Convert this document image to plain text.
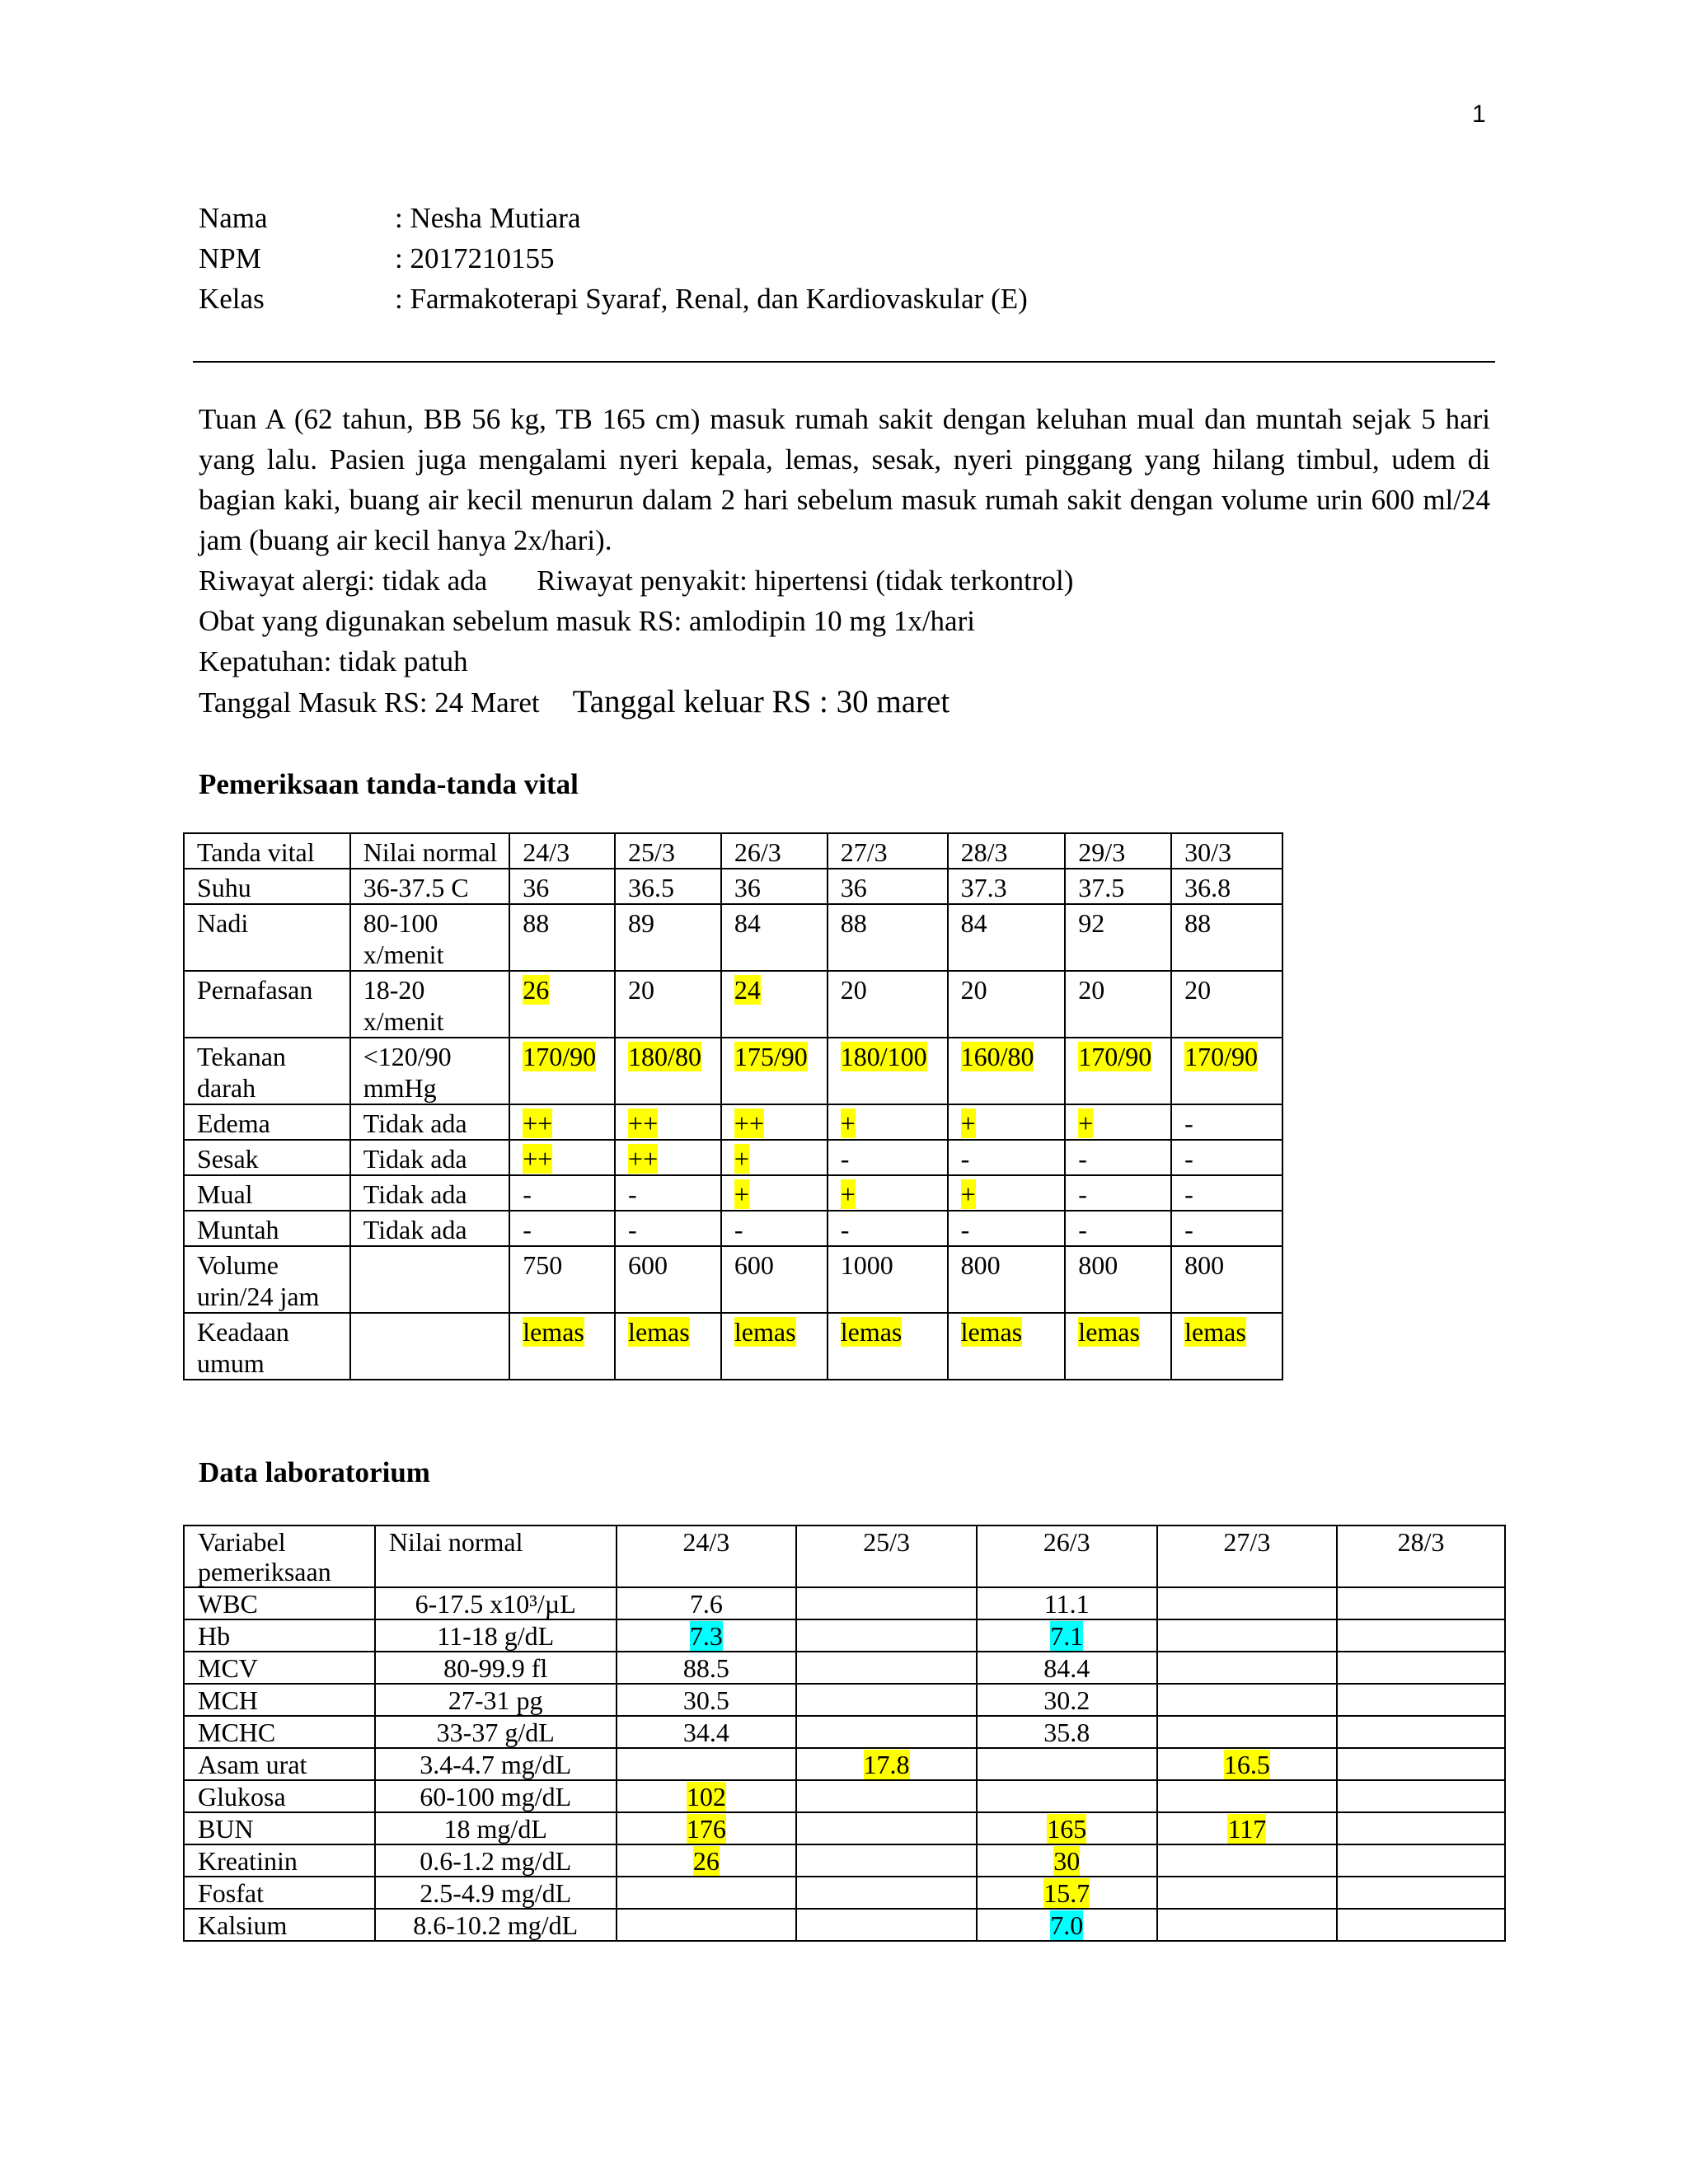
1
Nama	: Nesha Mutiara
NPM	: 2017210155
Kelas	: Farmakoterapi Syaraf, Renal, dan Kardiovaskular (E)

Tuan A (62 tahun, BB 56 kg, TB 165 cm) masuk rumah sakit dengan keluhan mual dan muntah sejak 5 hari yang lalu. Pasien juga mengalami nyeri kepala, lemas, sesak, nyeri pinggang yang hilang timbul, udem di bagian kaki, buang air kecil menurun dalam 2 hari sebelum masuk rumah sakit dengan volume urin 600 ml/24 jam (buang air kecil hanya 2x/hari).

Riwayat alergi: tidak ada Riwayat penyakit: hipertensi (tidak terkontrol)
Obat yang digunakan sebelum masuk RS: amlodipin 10 mg 1x/hari
Kepatuhan: tidak patuh
Tanggal Masuk RS: 24 Maret Tanggal keluar RS : 30 maret
Pemeriksaan tanda-tanda vital
Tanda vital	Nilai normal	24/3	25/3	26/3	27/3	28/3	29/3	30/3
Suhu	36-37.5 C	36	36.5	36	36	37.3	37.5	36.8
Nadi	80-100 x/menit	88	89	84	88	84	92	88
Pernafasan	18-20 x/menit	26	20	24	20	20	20	20
Tekanan darah	<120/90 mmHg	170/90	180/80	175/90	180/100	160/80	170/90	170/90
Edema	Tidak ada	++	++	++	+	+	+	-
Sesak	Tidak ada	++	++	+	-	-	-	-
Mual	Tidak ada	-	-	+	+	+	-	-
Muntah	Tidak ada	-	-	-	-	-	-	-
Volume urin/24 jam		750	600	600	1000	800	800	800
Keadaan umum		lemas	lemas	lemas	lemas	lemas	lemas	lemas
Data laboratorium
Variabel pemeriksaan	Nilai normal	24/3	25/3	26/3	27/3	28/3
WBC	6-17.5 x10³/µL	7.6		11.1		
Hb	11-18 g/dL	7.3		7.1		
MCV	80-99.9 fl	88.5		84.4		
MCH	27-31 pg	30.5		30.2		
MCHC	33-37 g/dL	34.4		35.8		
Asam urat	3.4-4.7 mg/dL		17.8		16.5	
Glukosa	60-100 mg/dL	102				
BUN	18 mg/dL	176		165	117	
Kreatinin	0.6-1.2 mg/dL	26		30		
Fosfat	2.5-4.9 mg/dL			15.7		
Kalsium	8.6-10.2 mg/dL			7.0		
